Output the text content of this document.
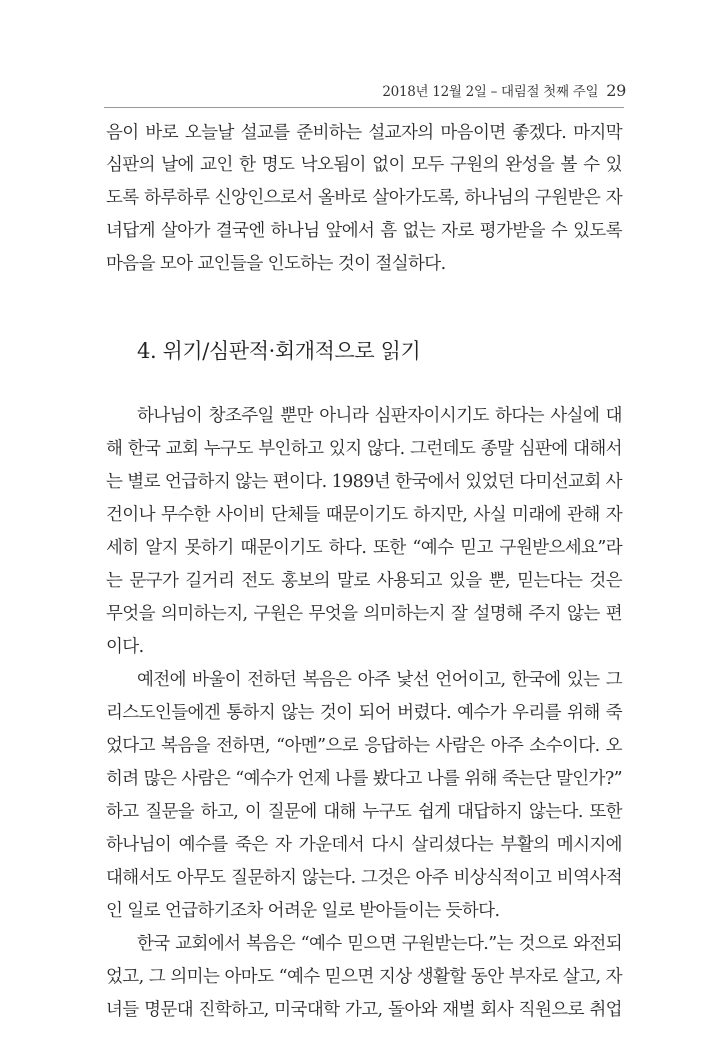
2018년 12월 2일 – 대림절 첫째 주일 29
음이 바로 오늘날 설교를 준비하는 설교자의 마음이면 좋겠다. 마지막
심판의 날에 교인 한 명도 낙오됨이 없이 모두 구원의 완성을 볼 수 있
도록 하루하루 신앙인으로서 올바로 살아가도록, 하나님의 구원받은 자
녀답게 살아가 결국엔 하나님 앞에서 흠 없는 자로 평가받을 수 있도록
마음을 모아 교인들을 인도하는 것이 절실하다.
4. 위기/심판적·회개적으로 읽기
하나님이 창조주일 뿐만 아니라 심판자이시기도 하다는 사실에 대
해 한국 교회 누구도 부인하고 있지 않다. 그런데도 종말 심판에 대해서
는 별로 언급하지 않는 편이다. 1989년 한국에서 있었던 다미선교회 사
건이나 무수한 사이비 단체들 때문이기도 하지만, 사실 미래에 관해 자
세히 알지 못하기 때문이기도 하다. 또한 “예수 믿고 구원받으세요”라
는 문구가 길거리 전도 홍보의 말로 사용되고 있을 뿐, 믿는다는 것은
무엇을 의미하는지, 구원은 무엇을 의미하는지 잘 설명해 주지 않는 편
이다.
예전에 바울이 전하던 복음은 아주 낯선 언어이고, 한국에 있는 그
리스도인들에겐 통하지 않는 것이 되어 버렸다. 예수가 우리를 위해 죽
었다고 복음을 전하면, “아멘”으로 응답하는 사람은 아주 소수이다. 오
히려 많은 사람은 “예수가 언제 나를 봤다고 나를 위해 죽는단 말인가?”
하고 질문을 하고, 이 질문에 대해 누구도 쉽게 대답하지 않는다. 또한
하나님이 예수를 죽은 자 가운데서 다시 살리셨다는 부활의 메시지에
대해서도 아무도 질문하지 않는다. 그것은 아주 비상식적이고 비역사적
인 일로 언급하기조차 어려운 일로 받아들이는 듯하다.
한국 교회에서 복음은 “예수 믿으면 구원받는다.”는 것으로 와전되
었고, 그 의미는 아마도 “예수 믿으면 지상 생활할 동안 부자로 살고, 자
녀들 명문대 진학하고, 미국대학 가고, 돌아와 재벌 회사 직원으로 취업
